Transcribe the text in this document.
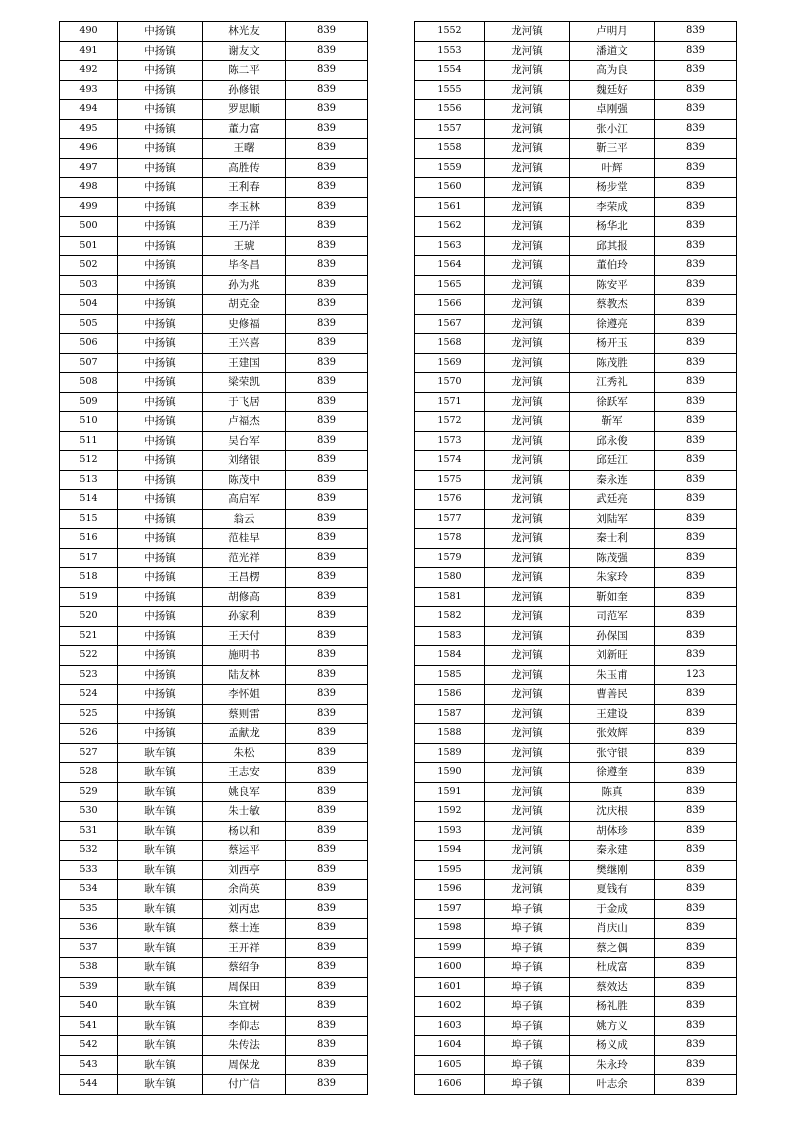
490	中扬镇	林光友	839
491	中扬镇	谢友文	839
492	中扬镇	陈二平	839
493	中扬镇	孙修银	839
494	中扬镇	罗思顺	839
495	中扬镇	董力富	839
496	中扬镇	王曙	839
497	中扬镇	高胜传	839
498	中扬镇	王利春	839
499	中扬镇	李玉林	839
500	中扬镇	王乃洋	839
501	中扬镇	王琥	839
502	中扬镇	毕冬昌	839
503	中扬镇	孙为兆	839
504	中扬镇	胡克金	839
505	中扬镇	史修福	839
506	中扬镇	王兴喜	839
507	中扬镇	王建国	839
508	中扬镇	梁荣凯	839
509	中扬镇	于飞居	839
510	中扬镇	卢福杰	839
511	中扬镇	吴台军	839
512	中扬镇	刘绪银	839
513	中扬镇	陈茂中	839
514	中扬镇	高启军	839
515	中扬镇	翁云	839
516	中扬镇	范桂早	839
517	中扬镇	范光祥	839
518	中扬镇	王昌楞	839
519	中扬镇	胡修高	839
520	中扬镇	孙家利	839
521	中扬镇	王天付	839
522	中扬镇	施明书	839
523	中扬镇	陆友林	839
524	中扬镇	李怀姐	839
525	中扬镇	蔡则雷	839
526	中扬镇	孟献龙	839
527	耿车镇	朱松	839
528	耿车镇	王志安	839
529	耿车镇	姚良军	839
530	耿车镇	朱士敏	839
531	耿车镇	杨以和	839
532	耿车镇	蔡运平	839
533	耿车镇	刘西亭	839
534	耿车镇	余尚英	839
535	耿车镇	刘丙忠	839
536	耿车镇	蔡士连	839
537	耿车镇	王开祥	839
538	耿车镇	蔡绍争	839
539	耿车镇	周保田	839
540	耿车镇	朱宜树	839
541	耿车镇	李仰志	839
542	耿车镇	朱传法	839
543	耿车镇	周保龙	839
544	耿车镇	付广信	839
1552	龙河镇	卢明月	839
1553	龙河镇	潘道文	839
1554	龙河镇	高为良	839
1555	龙河镇	魏廷好	839
1556	龙河镇	卓刚强	839
1557	龙河镇	张小江	839
1558	龙河镇	靳三平	839
1559	龙河镇	叶辉	839
1560	龙河镇	杨步堂	839
1561	龙河镇	李荣成	839
1562	龙河镇	杨华北	839
1563	龙河镇	邱其报	839
1564	龙河镇	董伯玲	839
1565	龙河镇	陈安平	839
1566	龙河镇	蔡教杰	839
1567	龙河镇	徐遵亮	839
1568	龙河镇	杨开玉	839
1569	龙河镇	陈茂胜	839
1570	龙河镇	江秀礼	839
1571	龙河镇	徐跃军	839
1572	龙河镇	靳军	839
1573	龙河镇	邱永俊	839
1574	龙河镇	邱廷江	839
1575	龙河镇	秦永连	839
1576	龙河镇	武廷亮	839
1577	龙河镇	刘陆军	839
1578	龙河镇	秦士利	839
1579	龙河镇	陈茂强	839
1580	龙河镇	朱家玲	839
1581	龙河镇	靳如奎	839
1582	龙河镇	司范军	839
1583	龙河镇	孙保国	839
1584	龙河镇	刘新旺	839
1585	龙河镇	朱玉甫	123
1586	龙河镇	曹善民	839
1587	龙河镇	王建设	839
1588	龙河镇	张效辉	839
1589	龙河镇	张守银	839
1590	龙河镇	徐遵奎	839
1591	龙河镇	陈真	839
1592	龙河镇	沈庆根	839
1593	龙河镇	胡体珍	839
1594	龙河镇	秦永建	839
1595	龙河镇	樊继刚	839
1596	龙河镇	夏钱有	839
1597	埠子镇	于金成	839
1598	埠子镇	肖庆山	839
1599	埠子镇	蔡之偶	839
1600	埠子镇	杜成富	839
1601	埠子镇	蔡效达	839
1602	埠子镇	杨礼胜	839
1603	埠子镇	姚方义	839
1604	埠子镇	杨义成	839
1605	埠子镇	朱永玲	839
1606	埠子镇	叶志余	839
